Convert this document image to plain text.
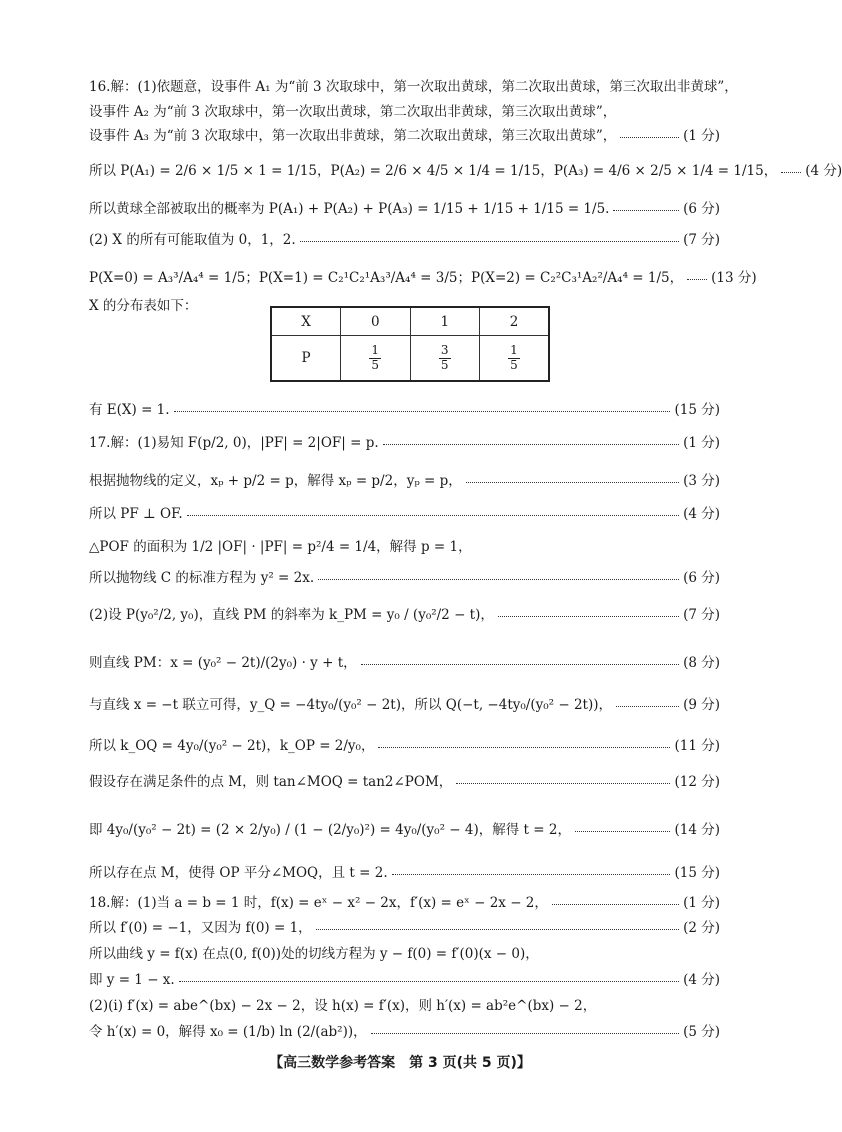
16.解：(1)依题意，设事件 A₁ 为“前 3 次取球中，第一次取出黄球，第二次取出黄球，第三次取出非黄球”，
设事件 A₂ 为“前 3 次取球中，第一次取出黄球，第二次取出非黄球，第三次取出黄球”，
设事件 A₃ 为“前 3 次取球中，第一次取出非黄球，第二次取出黄球，第三次取出黄球”，	(1 分)
所以 P(A₁) = 2/6 × 1/5 × 1 = 1/15，P(A₂) = 2/6 × 4/5 × 1/4 = 1/15，P(A₃) = 4/6 × 2/5 × 1/4 = 1/15， (4 分)
所以黄球全部被取出的概率为 P(A₁) + P(A₂) + P(A₃) = 1/15 + 1/15 + 1/15 = 1/5.	(6 分)
(2) X 的所有可能取值为 0，1，2.	(7 分)
P(X=0) = A₃³/A₄⁴ = 1/5；P(X=1) = C₂¹C₂¹A₃³/A₄⁴ = 3/5；P(X=2) = C₂²C₃¹A₂²/A₄⁴ = 1/5， (13 分)
X 的分布表如下：
有 E(X) = 1.	(15 分)
17.解：(1)易知 F(p/2, 0)，|PF| = 2|OF| = p.	(1 分)
根据抛物线的定义，xₚ + p/2 = p，解得 xₚ = p/2，yₚ = p，	(3 分)
所以 PF ⊥ OF.	(4 分)
△POF 的面积为 1/2 |OF| · |PF| = p²/4 = 1/4，解得 p = 1，
所以抛物线 C 的标准方程为 y² = 2x.	(6 分)
(2)设 P(y₀²/2, y₀)，直线 PM 的斜率为 k_PM = y₀ / (y₀²/2 − t)，	(7 分)
则直线 PM：x = (y₀² − 2t)/(2y₀) · y + t，	(8 分)
与直线 x = −t 联立可得，y_Q = −4ty₀/(y₀² − 2t)，所以 Q(−t, −4ty₀/(y₀² − 2t))，	(9 分)
所以 k_OQ = 4y₀/(y₀² − 2t)，k_OP = 2/y₀，	(11 分)
假设存在满足条件的点 M，则 tan∠MOQ = tan2∠POM，	(12 分)
即 4y₀/(y₀² − 2t) = (2 × 2/y₀) / (1 − (2/y₀)²) = 4y₀/(y₀² − 4)，解得 t = 2，	(14 分)
所以存在点 M，使得 OP 平分∠MOQ，且 t = 2.	(15 分)
18.解：(1)当 a = b = 1 时，f(x) = eˣ − x² − 2x，f′(x) = eˣ − 2x − 2，	(1 分)
所以 f′(0) = −1，又因为 f(0) = 1，	(2 分)
所以曲线 y = f(x) 在点(0, f(0))处的切线方程为 y − f(0) = f′(0)(x − 0)，
即 y = 1 − x.	(4 分)
(2)(i) f′(x) = abe^(bx) − 2x − 2，设 h(x) = f′(x)，则 h′(x) = ab²e^(bx) − 2，
令 h′(x) = 0，解得 x₀ = (1/b) ln (2/(ab²))，	(5 分)
X	0	1	2
P	$\frac{1}{5}$	$\frac{3}{5}$	$\frac{1}{5}$
【高三数学参考答案　第 3 页(共 5 页)】
